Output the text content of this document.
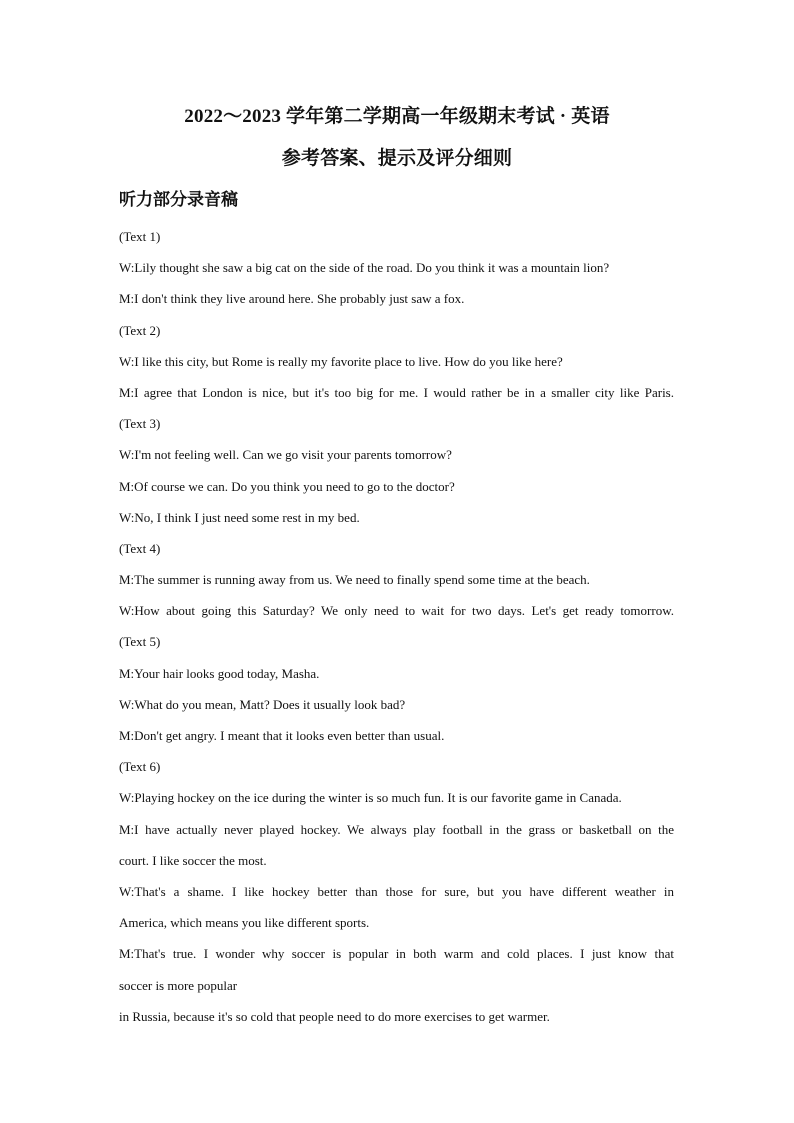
2022～2023 学年第二学期高一年级期末考试 · 英语
参考答案、提示及评分细则
听力部分录音稿
(Text 1)
W:Lily thought she saw a big cat on the side of the road. Do you think it was a mountain lion?
M:I don't think they live around here. She probably just saw a fox.
(Text 2)
W:I like this city, but Rome is really my favorite place to live. How do you like here?
M:I agree that London is nice, but it's too big for me. I would rather be in a smaller city like Paris.
(Text 3)
W:I'm not feeling well. Can we go visit your parents tomorrow?
M:Of course we can. Do you think you need to go to the doctor?
W:No, I think I just need some rest in my bed.
(Text 4)
M:The summer is running away from us. We need to finally spend some time at the beach.
W:How about going this Saturday? We only need to wait for two days. Let's get ready tomorrow.
(Text 5)
M:Your hair looks good today, Masha.
W:What do you mean, Matt? Does it usually look bad?
M:Don't get angry. I meant that it looks even better than usual.
(Text 6)
W:Playing hockey on the ice during the winter is so much fun. It is our favorite game in Canada.
M:I have actually never played hockey. We always play football in the grass or basketball on the
court. I like soccer the most.
W:That's a shame. I like hockey better than those for sure, but you have different weather in
America, which means you like different sports.
M:That's true. I wonder why soccer is popular in both warm and cold places. I just know that
soccer is more popular
in Russia, because it's so cold that people need to do more exercises to get warmer.
